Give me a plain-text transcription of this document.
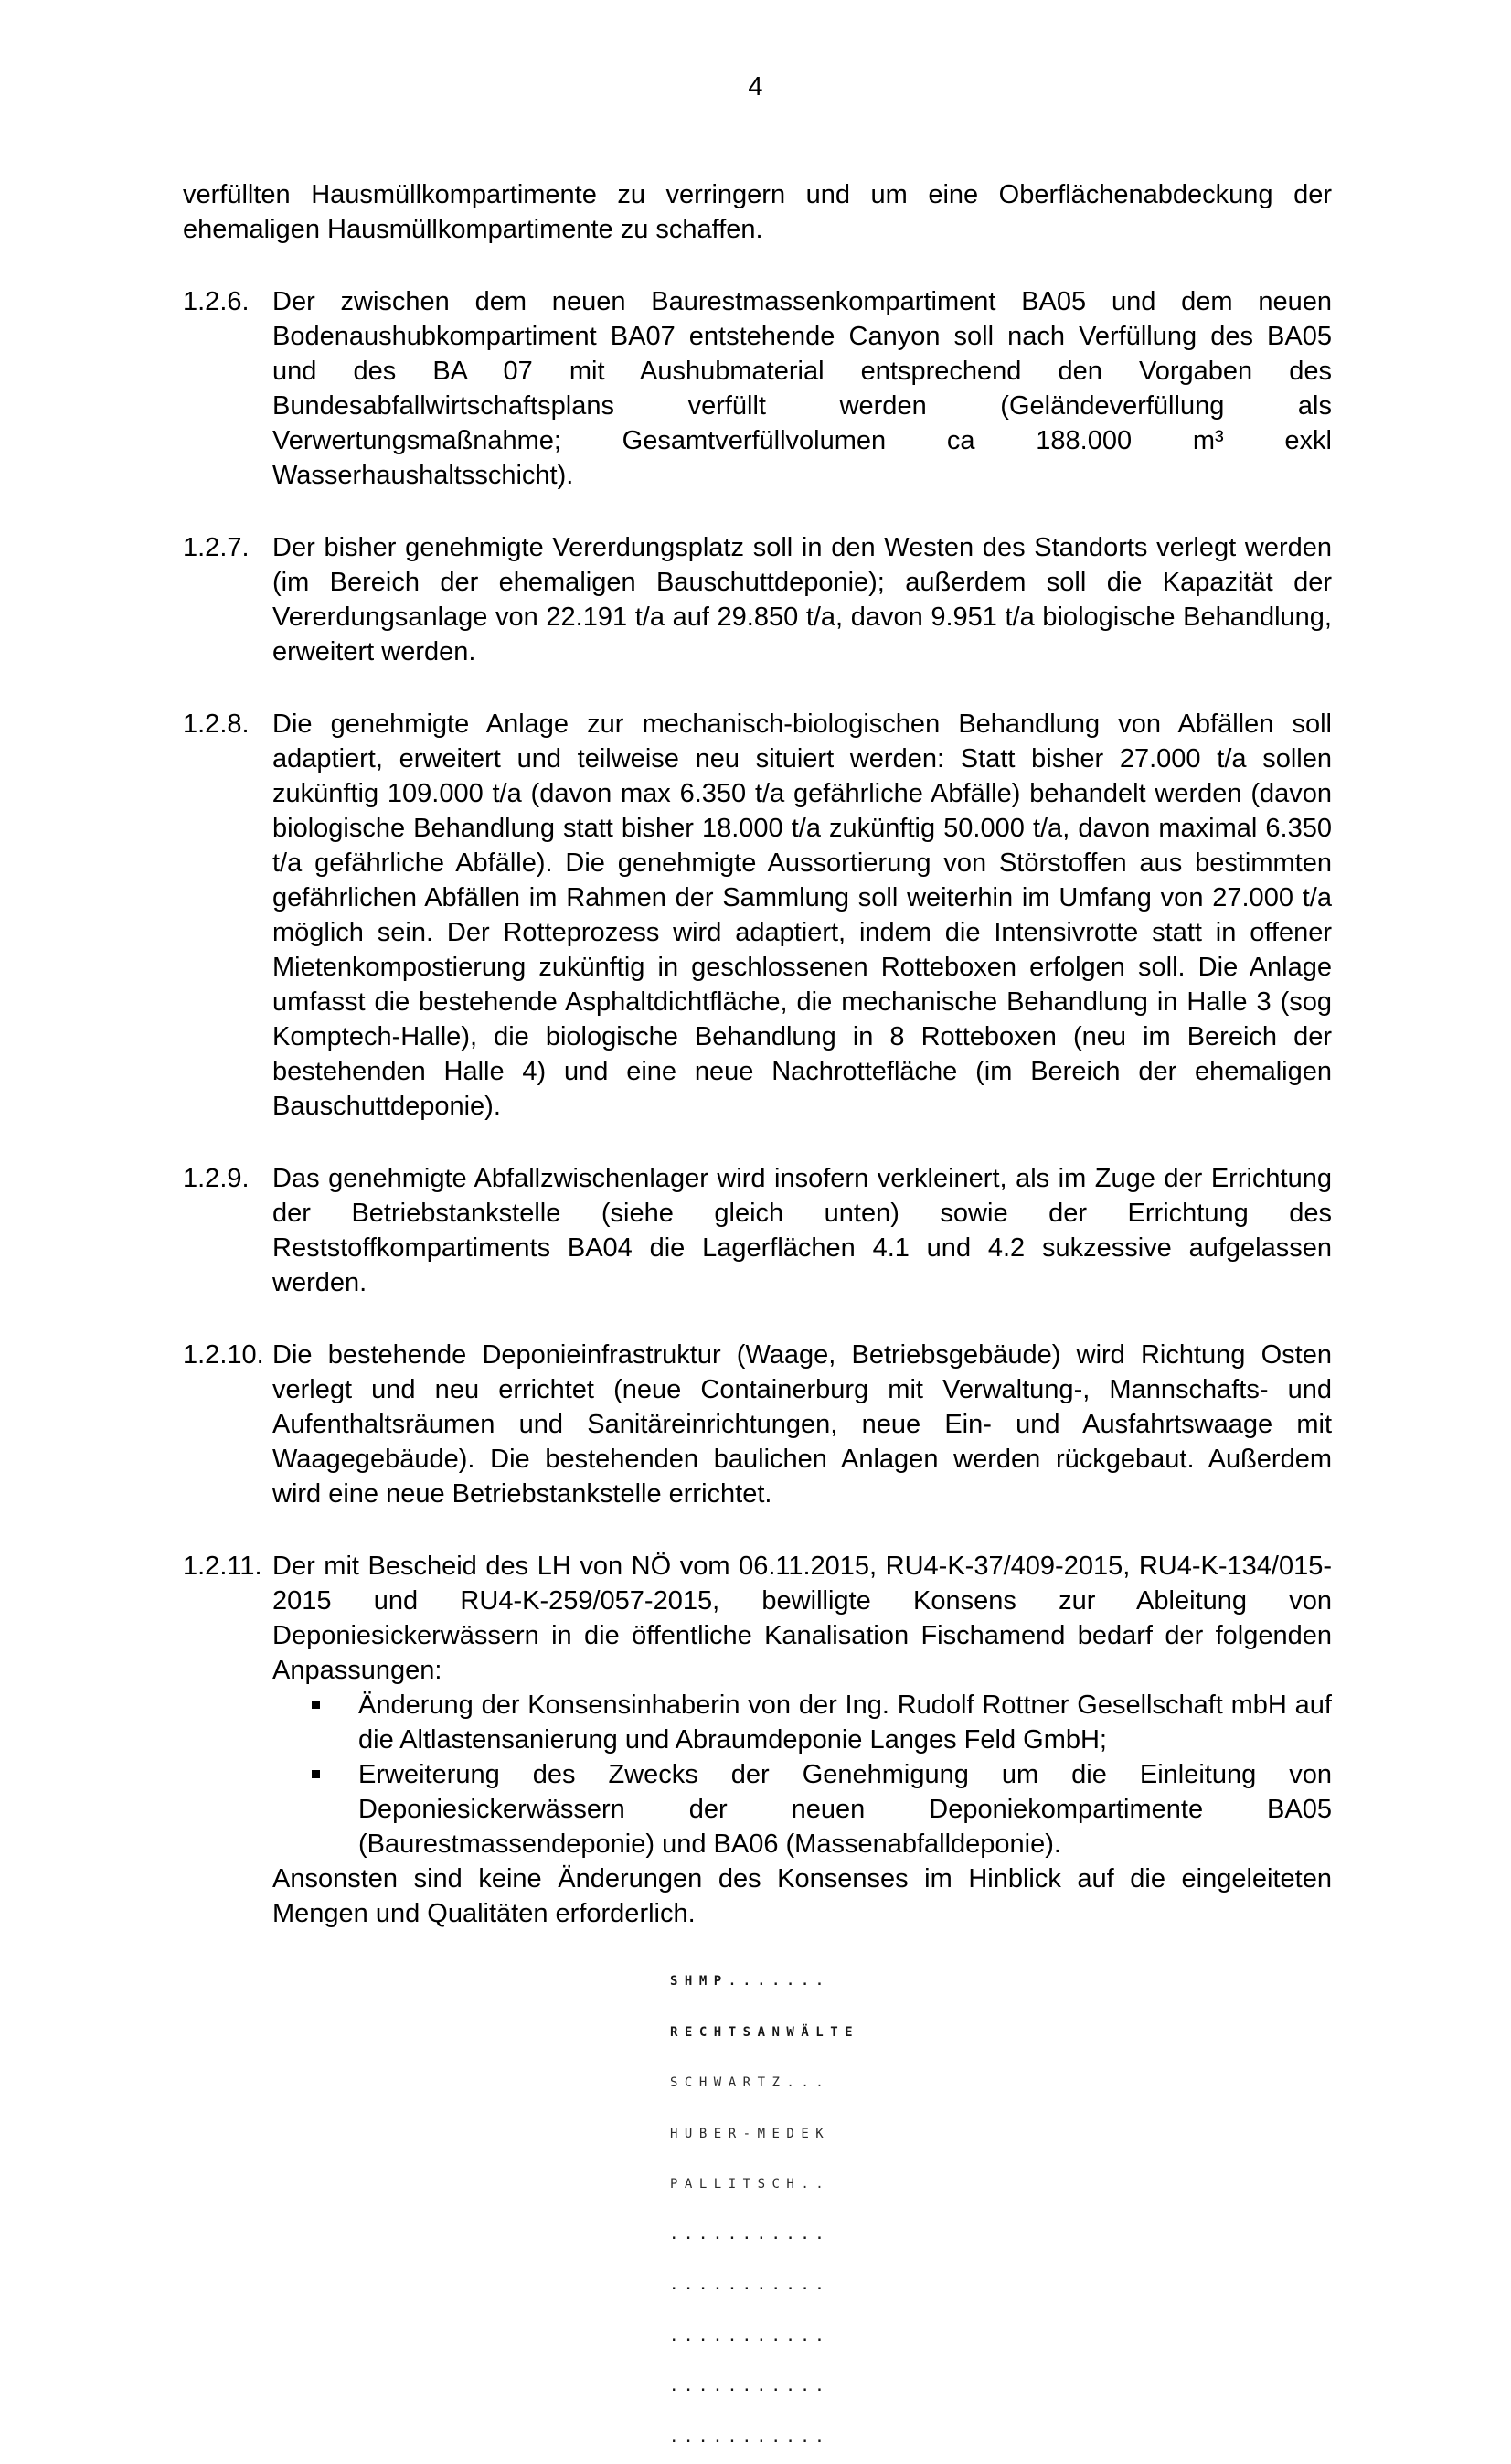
4

verfüllten Hausmüllkompartimente zu verringern und um eine Oberflächenabdeckung der ehemaligen Hausmüllkompartimente zu schaffen.

1.2.6. Der zwischen dem neuen Baurestmassenkompartiment BA05 und dem neuen Bodenaushubkompartiment BA07 entstehende Canyon soll nach Verfüllung des BA05 und des BA 07 mit Aushubmaterial entsprechend den Vorgaben des Bundesabfallwirtschaftsplans verfüllt werden (Geländeverfüllung als Verwertungsmaßnahme; Gesamtverfüllvolumen ca 188.000 m³ exkl Wasserhaushaltsschicht).

1.2.7. Der bisher genehmigte Vererdungsplatz soll in den Westen des Standorts verlegt werden (im Bereich der ehemaligen Bauschuttdeponie); außerdem soll die Kapazität der Vererdungsanlage von 22.191 t/a auf 29.850 t/a, davon 9.951 t/a biologische Behandlung, erweitert werden.

1.2.8. Die genehmigte Anlage zur mechanisch-biologischen Behandlung von Abfällen soll adaptiert, erweitert und teilweise neu situiert werden: Statt bisher 27.000 t/a sollen zukünftig 109.000 t/a (davon max 6.350 t/a gefährliche Abfälle) behandelt werden (davon biologische Behandlung statt bisher 18.000 t/a zukünftig 50.000 t/a, davon maximal 6.350 t/a gefährliche Abfälle). Die genehmigte Aussortierung von Störstoffen aus bestimmten gefährlichen Abfällen im Rahmen der Sammlung soll weiterhin im Umfang von 27.000 t/a möglich sein. Der Rotteprozess wird adaptiert, indem die Intensivrotte statt in offener Mietenkompostierung zukünftig in geschlossenen Rotteboxen erfolgen soll. Die Anlage umfasst die bestehende Asphaltdichtfläche, die mechanische Behandlung in Halle 3 (sog Komptech-Halle), die biologische Behandlung in 8 Rotteboxen (neu im Bereich der bestehenden Halle 4) und eine neue Nachrottefläche (im Bereich der ehemaligen Bauschuttdeponie).

1.2.9. Das genehmigte Abfallzwischenlager wird insofern verkleinert, als im Zuge der Errichtung der Betriebstankstelle (siehe gleich unten) sowie der Errichtung des Reststoffkompartiments BA04 die Lagerflächen 4.1 und 4.2 sukzessive aufgelassen werden.

1.2.10. Die bestehende Deponieinfrastruktur (Waage, Betriebsgebäude) wird Richtung Osten verlegt und neu errichtet (neue Containerburg mit Verwaltung-, Mannschafts- und Aufenthaltsräumen und Sanitäreinrichtungen, neue Ein- und Ausfahrtswaage mit Waagegebäude). Die bestehenden baulichen Anlagen werden rückgebaut. Außerdem wird eine neue Betriebstankstelle errichtet.

1.2.11. Der mit Bescheid des LH von NÖ vom 06.11.2015, RU4-K-37/409-2015, RU4-K-134/015-2015 und RU4-K-259/057-2015, bewilligte Konsens zur Ableitung von Deponiesickerwässern in die öffentliche Kanalisation Fischamend bedarf der folgenden Anpassungen:

Änderung der Konsensinhaberin von der Ing. Rudolf Rottner Gesellschaft mbH auf die Altlastensanierung und Abraumdeponie Langes Feld GmbH;

Erweiterung des Zwecks der Genehmigung um die Einleitung von Deponiesickerwässern der neuen Deponiekompartimente BA05 (Baurestmassendeponie) und BA06 (Massenabfalldeponie).

Ansonsten sind keine Änderungen des Konsenses im Hinblick auf die eingeleiteten Mengen und Qualitäten erforderlich.

SHMP.......

RECHTSANWÄLTE

SCHWARTZ...

HUBER-MEDEK

PALLITSCH..

...........

...........

...........

...........

...........
